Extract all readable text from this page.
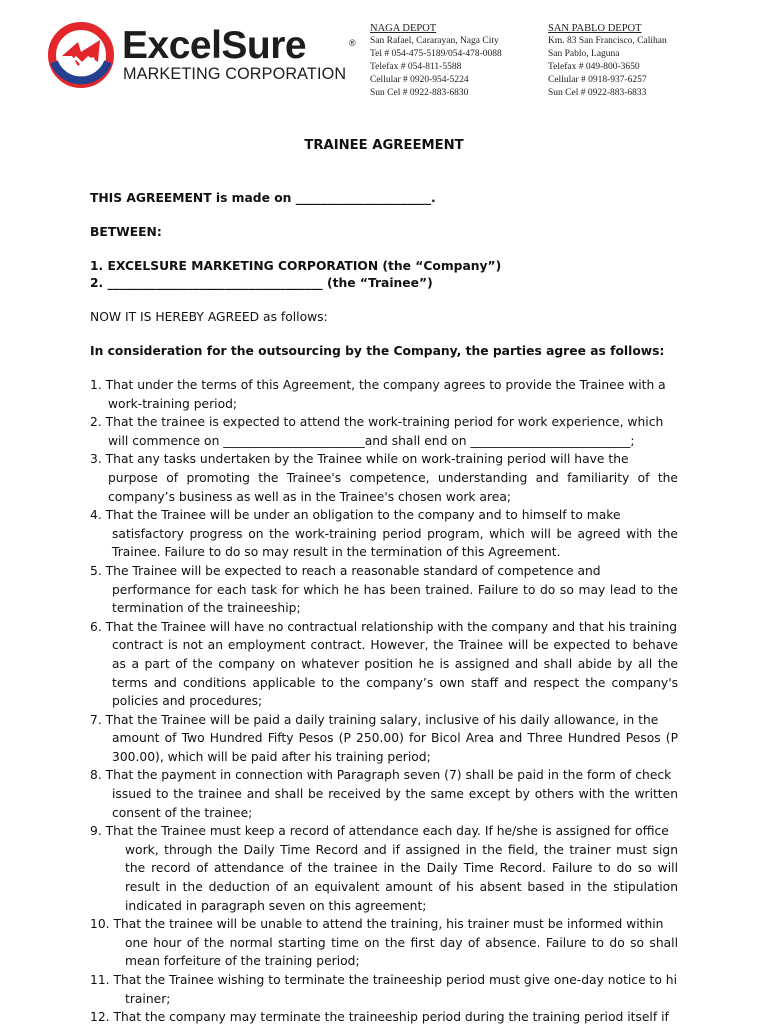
ExcelSure	®
MARKETING CORPORATION
NAGA DEPOT
San Rafael, Cararayan, Naga City
Tel # 054-475-5189/054-478-0088
Telefax # 054-811-5588
Cellular # 0920-954-5224
Sun Cel # 0922-883-6830
SAN PABLO DEPOT
Km. 83 San Francisco, Calihan
San Pablo, Laguna
Telefax # 049-800-3650
Cellular # 0918-937-6257
Sun Cel # 0922-883-6833
TRAINEE AGREEMENT
THIS AGREEMENT is made on ______________________.
BETWEEN:
1. EXCELSURE MARKETING CORPORATION (the “Company”)
2. ___________________________________ (the “Trainee”)
NOW IT IS HEREBY AGREED as follows:
In consideration for the outsourcing by the Company, the parties agree as follows:
1. That under the terms of this Agreement, the company agrees to provide the Trainee with a
work-training period;
2. That the trainee is expected to attend the work-training period for work experience, which
will commence on _______________________and shall end on __________________________;
3. That any tasks undertaken by the Trainee while on work-training period will have the
purpose of promoting the Trainee's competence, understanding and familiarity of the company’s business as well as in the Trainee's chosen work area;
4. That the Trainee will be under an obligation to the company and to himself to make
satisfactory progress on the work-training period program, which will be agreed with the Trainee. Failure to do so may result in the termination of this Agreement.
5. The Trainee will be expected to reach a reasonable standard of competence and
performance for each task for which he has been trained. Failure to do so may lead to the termination of the traineeship;
6. That the Trainee will have no contractual relationship with the company and that his training
contract is not an employment contract. However, the Trainee will be expected to behave as a part of the company on whatever position he is assigned and shall abide by all the terms and conditions applicable to the company’s own staff and respect the company's policies and procedures;
7. That the Trainee will be paid a daily training salary, inclusive of his daily allowance, in the
amount of Two Hundred Fifty Pesos (P 250.00) for Bicol Area and Three Hundred Pesos (P 300.00), which will be paid after his training period;
8. That the payment in connection with Paragraph seven (7) shall be paid in the form of check
issued to the trainee and shall be received by the same except by others with the written consent of the trainee;
9. That the Trainee must keep a record of attendance each day. If he/she is assigned for office
work, through the Daily Time Record and if assigned in the field, the trainer must sign the record of attendance of the trainee in the Daily Time Record. Failure to do so will result in the deduction of an equivalent amount of his absent based in the stipulation indicated in paragraph seven on this agreement;
10. That the trainee will be unable to attend the training, his trainer must be informed within
one hour of the normal starting time on the first day of absence. Failure to do so shall mean forfeiture of the training period;
11. That the Trainee wishing to terminate the traineeship period must give one-day notice to hi
trainer;
12. That the company may terminate the traineeship period during the training period itself if
